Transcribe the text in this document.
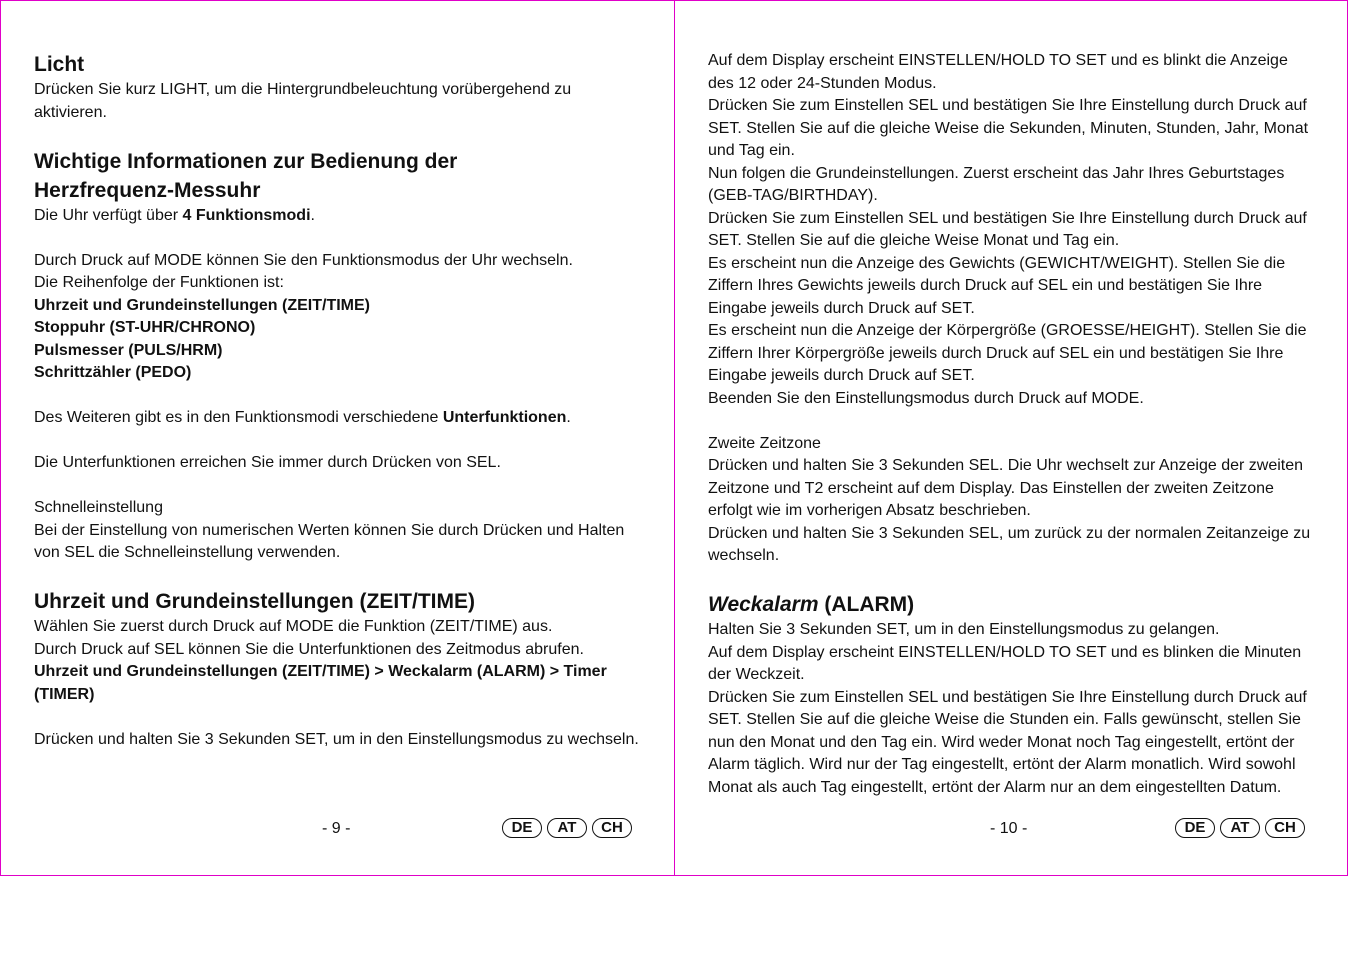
Licht

Drücken Sie kurz LIGHT, um die Hintergrundbeleuchtung vorübergehend zu aktivieren.

Wichtige Informationen zur Bedienung der

Herzfrequenz-Messuhr

Die Uhr verfügt über 4 Funktionsmodi.

Durch Druck auf MODE können Sie den Funktionsmodus der Uhr wechseln.

Die Reihenfolge der Funktionen ist:

Uhrzeit und Grundeinstellungen (ZEIT/TIME)

Stoppuhr (ST-UHR/CHRONO)

Pulsmesser (PULS/HRM)

Schrittzähler (PEDO)

Des Weiteren gibt es in den Funktionsmodi verschiedene Unterfunktionen.

Die Unterfunktionen erreichen Sie immer durch Drücken von SEL.

Schnelleinstellung

Bei der Einstellung von numerischen Werten können Sie durch Drücken und Halten von SEL die Schnelleinstellung verwenden.

Uhrzeit und Grundeinstellungen (ZEIT/TIME)

Wählen Sie zuerst durch Druck auf MODE die Funktion (ZEIT/TIME) aus.

Durch Druck auf SEL können Sie die Unterfunktionen des Zeitmodus abrufen.

Uhrzeit und Grundeinstellungen (ZEIT/TIME) > Weckalarm (ALARM) > Timer (TIMER)

Drücken und halten Sie 3 Sekunden SET, um in den Einstellungsmodus zu wechseln.

- 9 -	DE	AT	CH

Auf dem Display erscheint EINSTELLEN/HOLD TO SET und es blinkt die Anzeige des 12 oder 24-Stunden Modus.

Drücken Sie zum Einstellen SEL und bestätigen Sie Ihre Einstellung durch Druck auf SET. Stellen Sie auf die gleiche Weise die Sekunden, Minuten, Stunden, Jahr, Monat und Tag ein.

Nun folgen die Grundeinstellungen. Zuerst erscheint das Jahr Ihres Geburtstages (GEB-TAG/BIRTHDAY).

Drücken Sie zum Einstellen SEL und bestätigen Sie Ihre Einstellung durch Druck auf SET. Stellen Sie auf die gleiche Weise Monat und Tag ein.

Es erscheint nun die Anzeige des Gewichts (GEWICHT/WEIGHT). Stellen Sie die Ziffern Ihres Gewichts jeweils durch Druck auf SEL ein und bestätigen Sie Ihre Eingabe jeweils durch Druck auf SET.

Es erscheint nun die Anzeige der Körpergröße (GROESSE/HEIGHT). Stellen Sie die Ziffern Ihrer Körpergröße jeweils durch Druck auf SEL ein und bestätigen Sie Ihre Eingabe jeweils durch Druck auf SET.

Beenden Sie den Einstellungsmodus durch Druck auf MODE.

Zweite Zeitzone

Drücken und halten Sie 3 Sekunden SEL. Die Uhr wechselt zur Anzeige der zweiten Zeitzone und T2 erscheint auf dem Display. Das Einstellen der zweiten Zeitzone erfolgt wie im vorherigen Absatz beschrieben.

Drücken und halten Sie 3 Sekunden SEL, um zurück zu der normalen Zeitanzeige zu wechseln.

Weckalarm (ALARM)

Halten Sie 3 Sekunden SET, um in den Einstellungsmodus zu gelangen.

Auf dem Display erscheint EINSTELLEN/HOLD TO SET und es blinken die Minuten der Weckzeit.

Drücken Sie zum Einstellen SEL und bestätigen Sie Ihre Einstellung durch Druck auf SET. Stellen Sie auf die gleiche Weise die Stunden ein. Falls gewünscht, stellen Sie nun den Monat und den Tag ein. Wird weder Monat noch Tag eingestellt, ertönt der Alarm täglich. Wird nur der Tag eingestellt, ertönt der Alarm monatlich. Wird sowohl Monat als auch Tag eingestellt, ertönt der Alarm nur an dem eingestellten Datum.

- 10 -	DE	AT	CH
